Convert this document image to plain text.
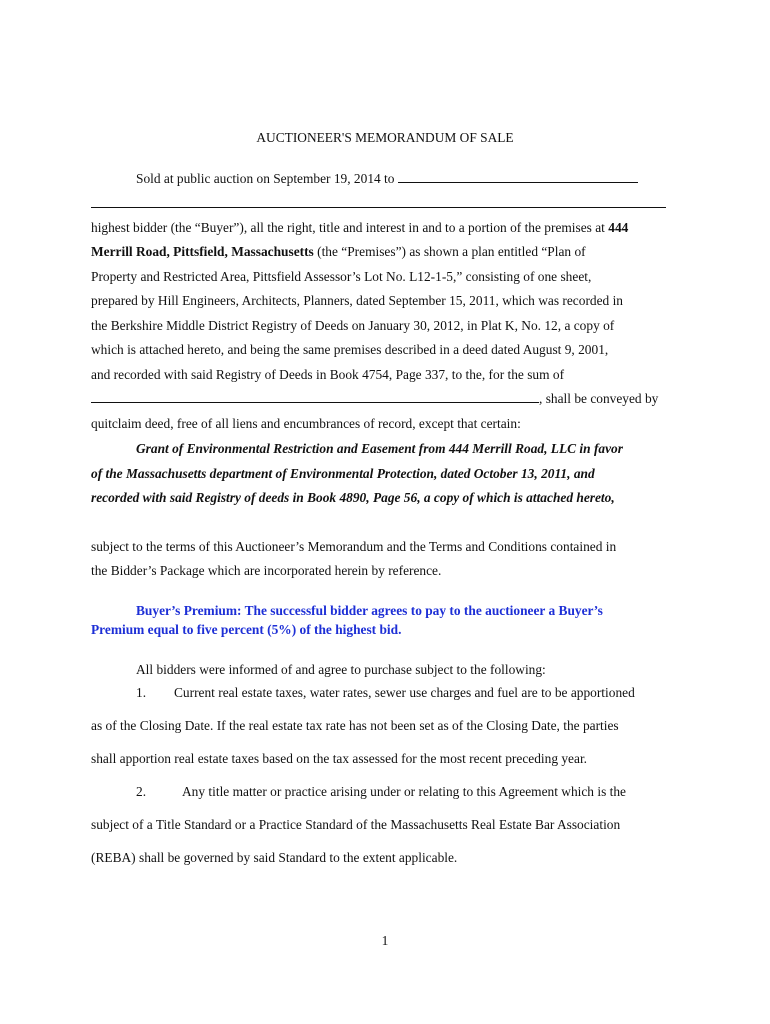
AUCTIONEER'S MEMORANDUM OF SALE
Sold at public auction on September 19, 2014 to
highest bidder (the “Buyer”), all the right, title and interest in and to a portion of the premises at 444
Merrill Road, Pittsfield, Massachusetts (the “Premises”) as shown a plan entitled “Plan of
Property and Restricted Area, Pittsfield Assessor’s Lot No. L12-1-5,” consisting of one sheet,
prepared by Hill Engineers, Architects, Planners, dated September 15, 2011, which was recorded in
the Berkshire Middle District Registry of Deeds on January 30, 2012, in Plat K, No. 12, a copy of
which is attached hereto, and being the same premises described in a deed dated August 9, 2001,
and recorded with said Registry of Deeds in Book 4754, Page 337, to the, for the sum of
, shall be conveyed by
quitclaim deed, free of all liens and encumbrances of record, except that certain:
Grant of Environmental Restriction and Easement from 444 Merrill Road, LLC in favor
of the Massachusetts department of Environmental Protection, dated October 13, 2011, and
recorded with said Registry of deeds in Book 4890, Page 56, a copy of which is attached hereto,
subject to the terms of this Auctioneer’s Memorandum and the Terms and Conditions contained in
the Bidder’s Package which are incorporated herein by reference.
Buyer’s Premium: The successful bidder agrees to pay to the auctioneer a Buyer’s
Premium equal to five percent (5%) of the highest bid.
All bidders were informed of and agree to purchase subject to the following:
1. Current real estate taxes, water rates, sewer use charges and fuel are to be apportioned
as of the Closing Date. If the real estate tax rate has not been set as of the Closing Date, the parties
shall apportion real estate taxes based on the tax assessed for the most recent preceding year.
2.	Any title matter or practice arising under or relating to this Agreement which is the
subject of a Title Standard or a Practice Standard of the Massachusetts Real Estate Bar Association
(REBA) shall be governed by said Standard to the extent applicable.
1
